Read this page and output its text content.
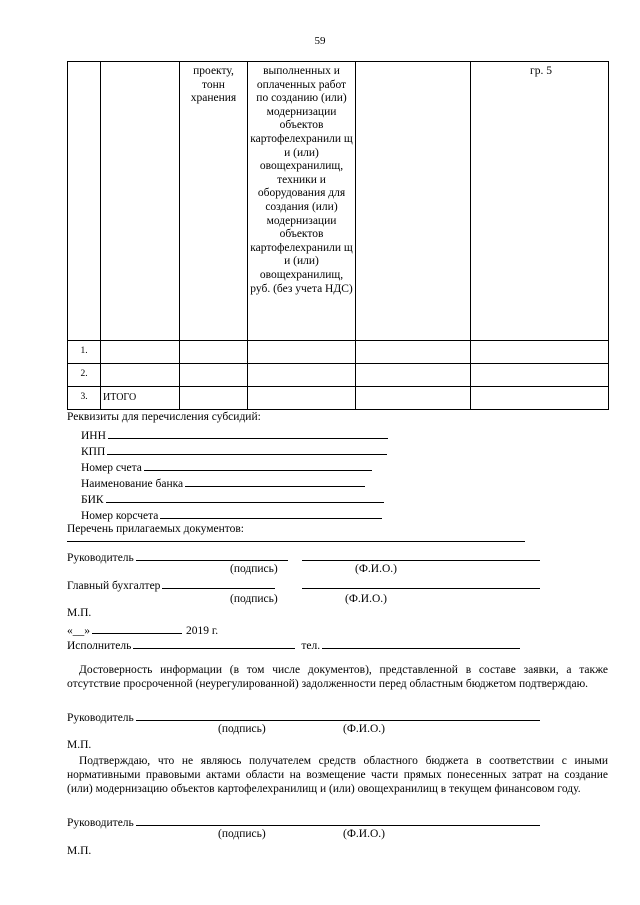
59
		проекту, тонн хранения	выполненных и оплаченных работ по созданию (или) модернизации объектов картофелехранили щ и (или) овощехранилищ, техники и оборудования для создания (или) модернизации объектов картофелехранили щ и (или) овощехранилищ, руб. (без учета НДС)		гр. 5
1.					
2.					
3.	ИТОГО				
Реквизиты для перечисления субсидий:
ИНН
КПП
Номер счета
Наименование банка
БИК
Номер корсчета
Перечень прилагаемых документов:
Руководитель
(подпись)	(Ф.И.О.)
Главный бухгалтер
(подпись)	(Ф.И.О.)
М.П.
«__»	2019 г.
Исполнитель	тел.
Достоверность информации (в том числе документов), представленной в составе заявки, а также отсутствие просроченной (неурегулированной) задолженности перед областным бюджетом подтверждаю.
Руководитель
(подпись)	(Ф.И.О.)
М.П.
Подтверждаю, что не являюсь получателем средств областного бюджета в соответствии с иными нормативными правовыми актами области на возмещение части прямых понесенных затрат на создание (или) модернизацию объектов картофелехранилищ и (или) овощехранилищ в текущем финансовом году.
Руководитель
(подпись)	(Ф.И.О.)
М.П.
